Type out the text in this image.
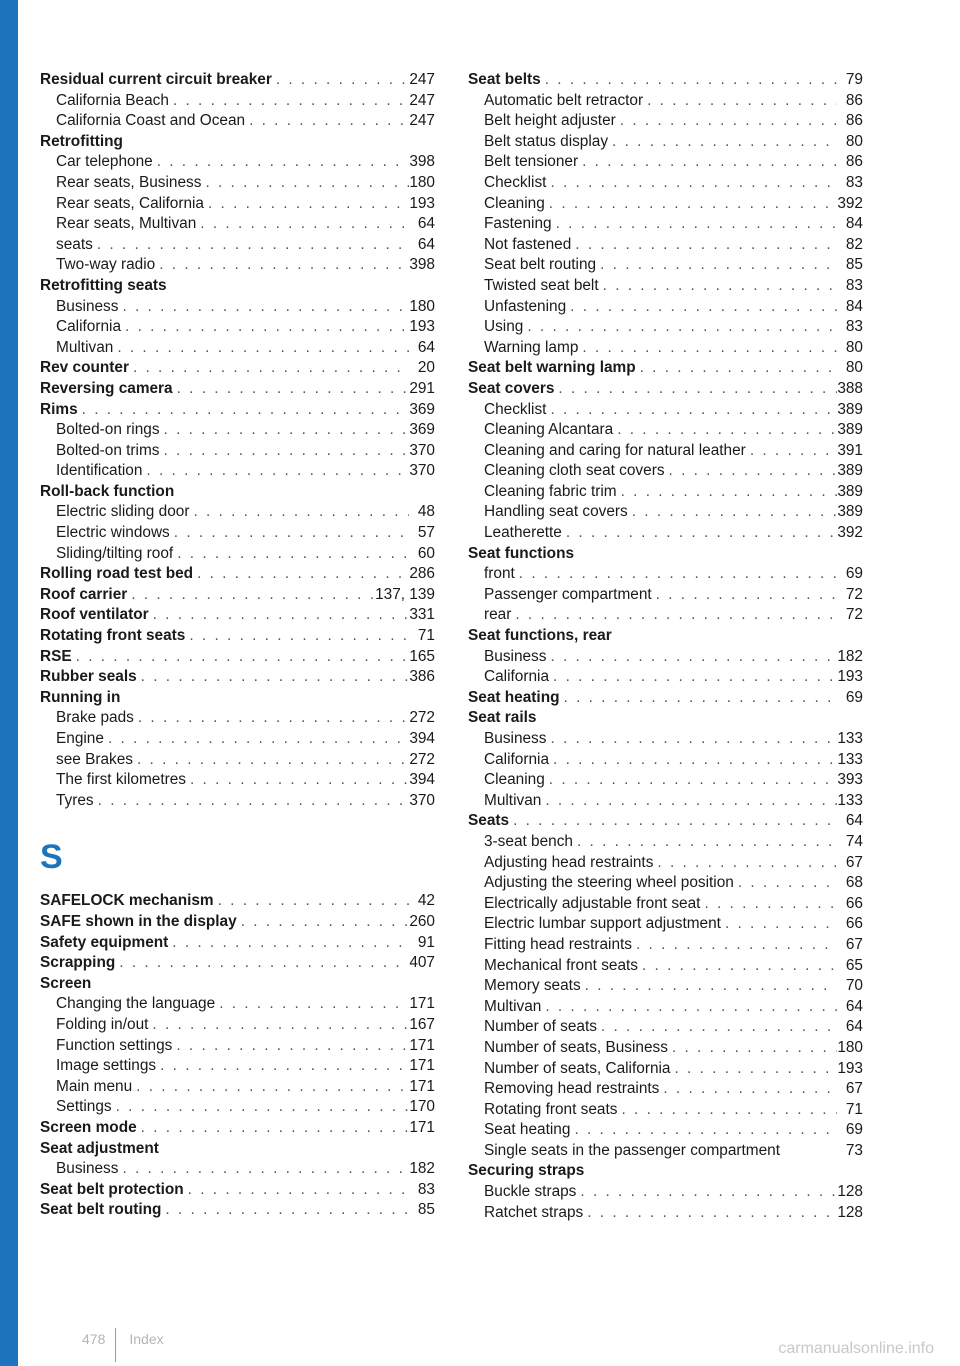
Residual current circuit breaker . . .	247
California Beach . . .	247
California Coast and Ocean . . .	247
Retrofitting
Car telephone . . .	398
Rear seats, Business . . .	180
Rear seats, California . . .	193
Rear seats, Multivan . . .	64
seats . . .	64
Two-way radio . . .	398
Retrofitting seats
Business . . .	180
California . . .	193
Multivan . . .	64
Rev counter . . .	20
Reversing camera . . .	291
Rims . . .	369
Bolted-on rings . . .	369
Bolted-on trims . . .	370
Identification . . .	370
Roll-back function
Electric sliding door . . .	48
Electric windows . . .	57
Sliding/tilting roof . . .	60
Rolling road test bed . . .	286
Roof carrier . . .	137, 139
Roof ventilator . . .	331
Rotating front seats . . .	71
RSE . . .	165
Rubber seals . . .	386
Running in
Brake pads . . .	272
Engine . . .	394
see Brakes . . .	272
The first kilometres . . .	394
Tyres . . .	370
S
SAFELOCK mechanism . . .	42
SAFE shown in the display . . .	260
Safety equipment . . .	91
Scrapping . . .	407
Screen
Changing the language . . .	171
Folding in/out . . .	167
Function settings . . .	171
Image settings . . .	171
Main menu . . .	171
Settings . . .	170
Screen mode . . .	171
Seat adjustment
Business . . .	182
Seat belt protection . . .	83
Seat belt routing . . .	85
Seat belts . . .	79
Automatic belt retractor . . .	86
Belt height adjuster . . .	86
Belt status display . . .	80
Belt tensioner . . .	86
Checklist . . .	83
Cleaning . . .	392
Fastening . . .	84
Not fastened . . .	82
Seat belt routing . . .	85
Twisted seat belt . . .	83
Unfastening . . .	84
Using . . .	83
Warning lamp . . .	80
Seat belt warning lamp . . .	80
Seat covers . . .	388
Checklist . . .	389
Cleaning Alcantara . . .	389
Cleaning and caring for natural leather . . .	391
Cleaning cloth seat covers . . .	389
Cleaning fabric trim . . .	389
Handling seat covers . . .	389
Leatherette . . .	392
Seat functions
front . . .	69
Passenger compartment . . .	72
rear . . .	72
Seat functions, rear
Business . . .	182
California . . .	193
Seat heating . . .	69
Seat rails
Business . . .	133
California . . .	133
Cleaning . . .	393
Multivan . . .	133
Seats . . .	64
3-seat bench . . .	74
Adjusting head restraints . . .	67
Adjusting the steering wheel position . . .	68
Electrically adjustable front seat . . .	66
Electric lumbar support adjustment . . .	66
Fitting head restraints . . .	67
Mechanical front seats . . .	65
Memory seats . . .	70
Multivan . . .	64
Number of seats . . .	64
Number of seats, Business . . .	180
Number of seats, California . . .	193
Removing head restraints . . .	67
Rotating front seats . . .	71
Seat heating . . .	69
Single seats in the passenger compartment	73
Securing straps
Buckle straps . . .	128
Ratchet straps . . .	128
478 Index
carmanualsonline.info
